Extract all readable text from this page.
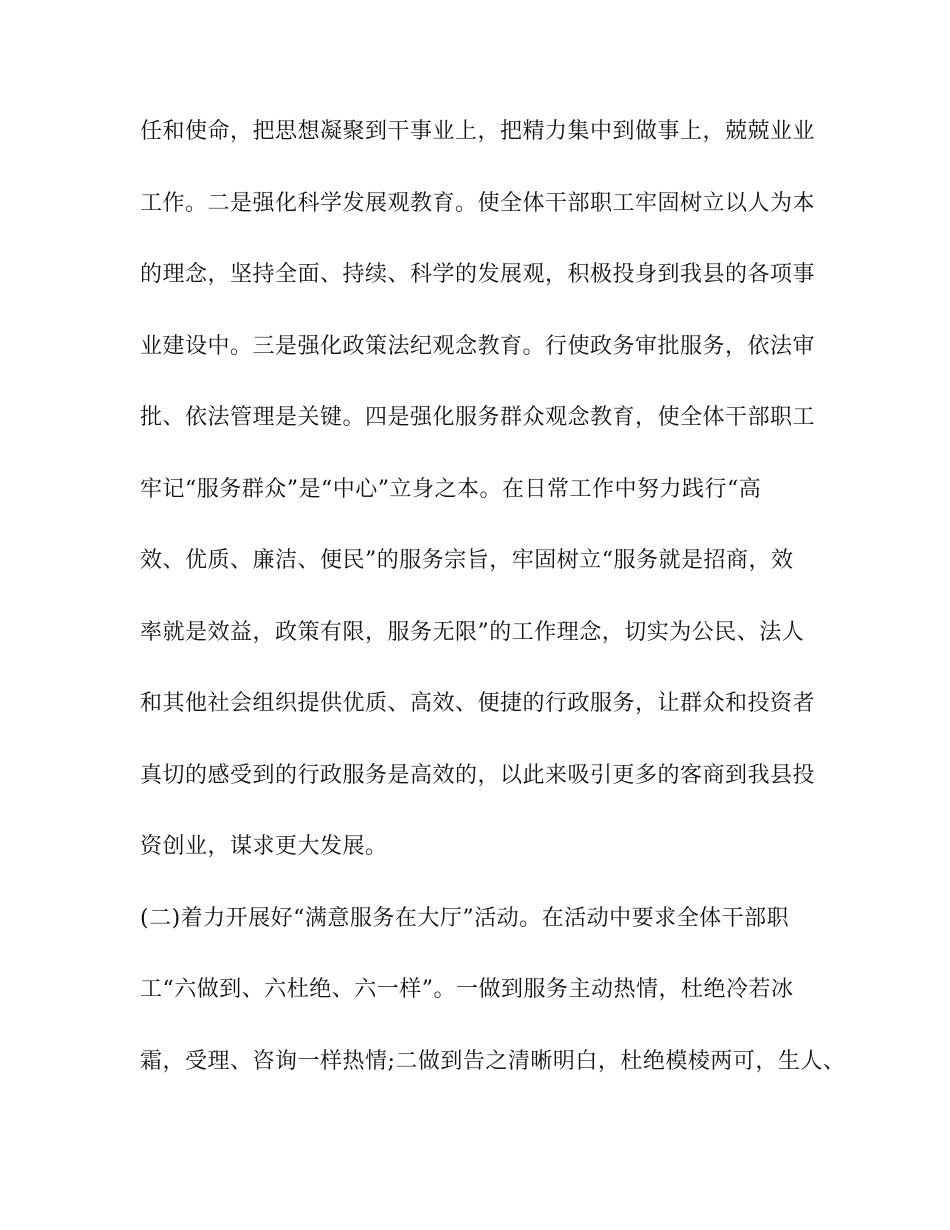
任和使命，把思想凝聚到干事业上，把精力集中到做事上，兢兢业业

工作。二是强化科学发展观教育。使全体干部职工牢固树立以人为本

的理念，坚持全面、持续、科学的发展观，积极投身到我县的各项事

业建设中。三是强化政策法纪观念教育。行使政务审批服务，依法审

批、依法管理是关键。四是强化服务群众观念教育，使全体干部职工

牢记“服务群众”是“中心”立身之本。在日常工作中努力践行“高

效、优质、廉洁、便民”的服务宗旨，牢固树立“服务就是招商，效

率就是效益，政策有限，服务无限”的工作理念，切实为公民、法人

和其他社会组织提供优质、高效、便捷的行政服务，让群众和投资者

真切的感受到的行政服务是高效的，以此来吸引更多的客商到我县投

资创业，谋求更大发展。

(二)着力开展好“满意服务在大厅”活动。在活动中要求全体干部职

工“六做到、六杜绝、六一样”。一做到服务主动热情，杜绝冷若冰

霜，受理、咨询一样热情;二做到告之清晰明白，杜绝模棱两可，生人、
